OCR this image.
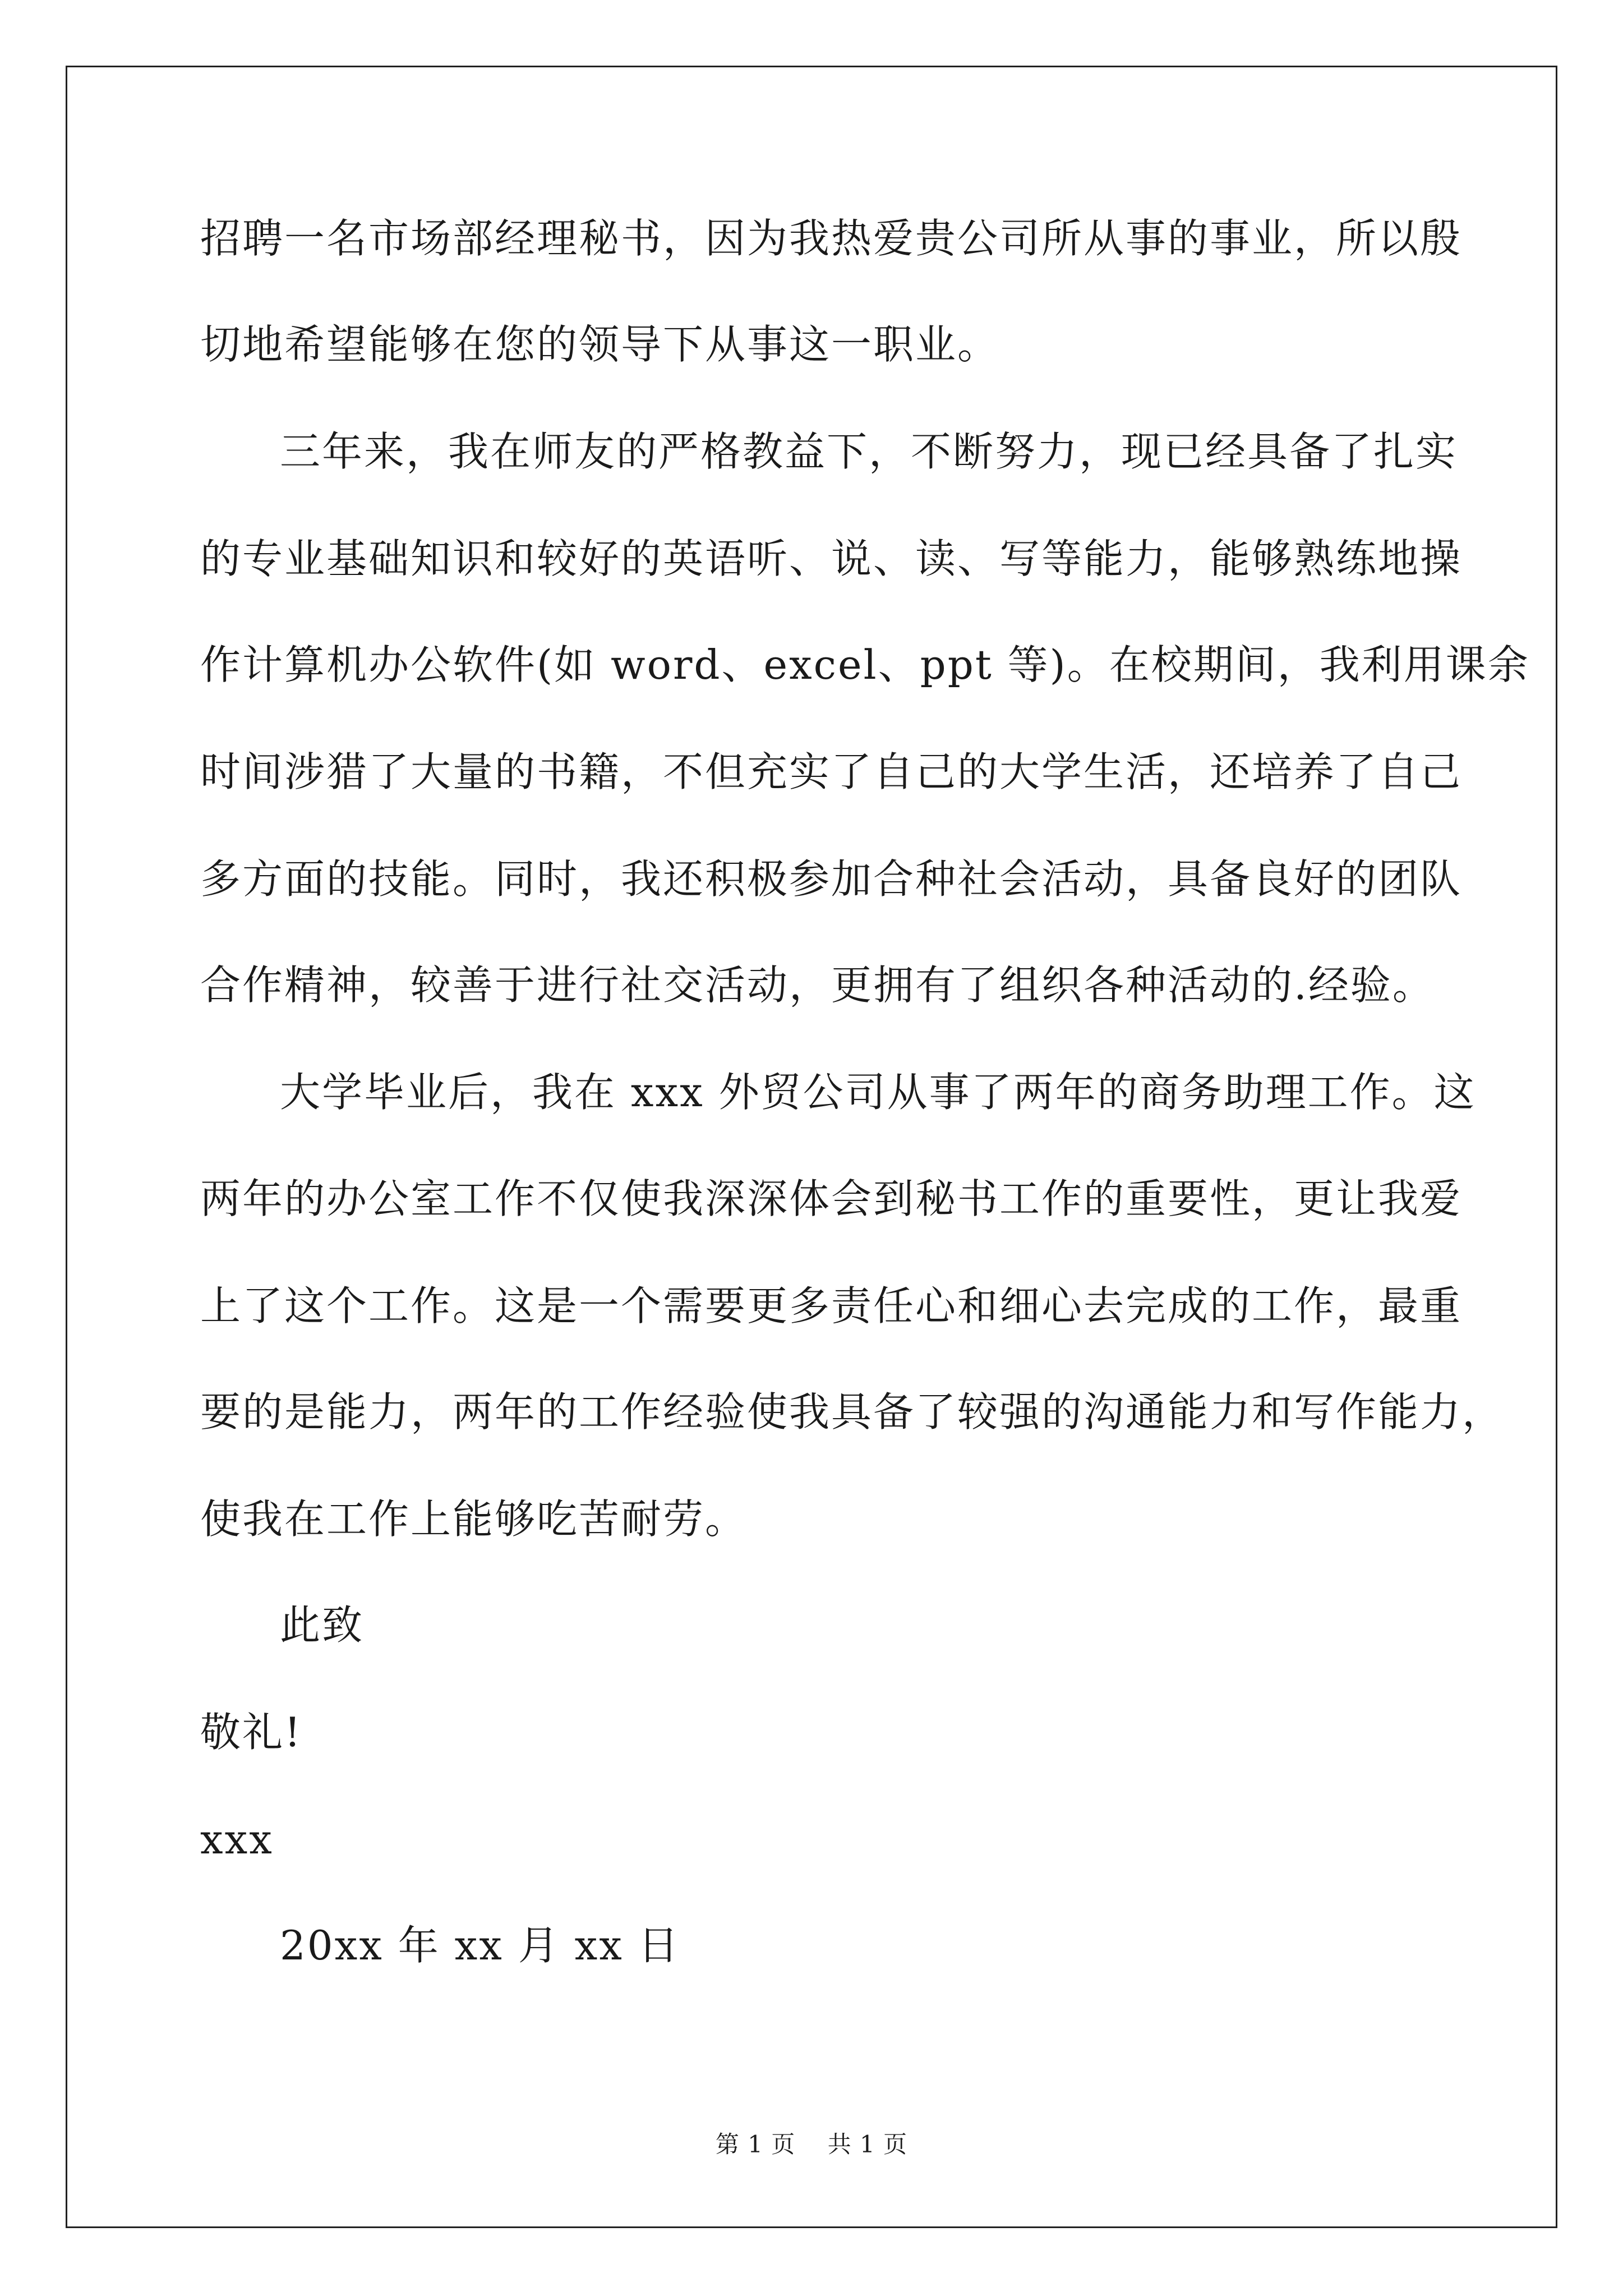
招聘一名市场部经理秘书，因为我热爱贵公司所从事的事业，所以殷
切地希望能够在您的领导下从事这一职业。
三年来，我在师友的严格教益下，不断努力，现已经具备了扎实
的专业基础知识和较好的英语听、说、读、写等能力，能够熟练地操
作计算机办公软件(如 word、excel、ppt 等)。在校期间，我利用课余
时间涉猎了大量的书籍，不但充实了自己的大学生活，还培养了自己
多方面的技能。同时，我还积极参加合种社会活动，具备良好的团队
合作精神，较善于进行社交活动，更拥有了组织各种活动的.经验。
大学毕业后，我在 xxx 外贸公司从事了两年的商务助理工作。这
两年的办公室工作不仅使我深深体会到秘书工作的重要性，更让我爱
上了这个工作。这是一个需要更多责任心和细心去完成的工作，最重
要的是能力，两年的工作经验使我具备了较强的沟通能力和写作能力，
使我在工作上能够吃苦耐劳。
此致
敬礼!
xxx
20xx 年 xx 月 xx 日
第 1 页    共 1 页
